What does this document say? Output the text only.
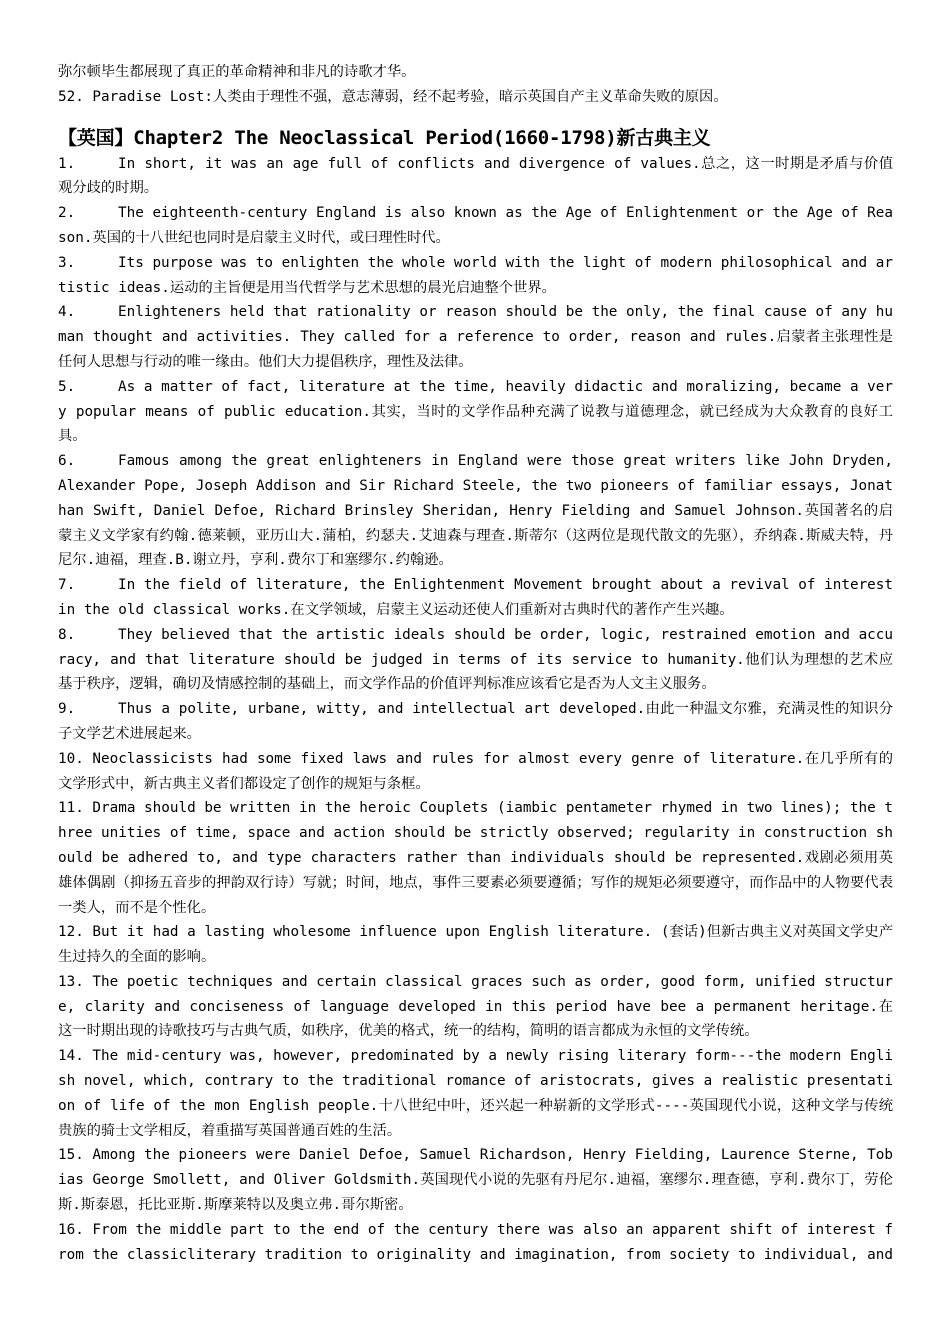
弥尔顿毕生都展现了真正的革命精神和非凡的诗歌才华。

52. Paradise Lost:人类由于理性不强，意志薄弱，经不起考验，暗示英国自产主义革命失败的原因。

【英国】Chapter2 The Neoclassical Period(1660-1798)新古典主义

1.	In short, it was an age full of conflicts and divergence of values.总之，这一时期是矛盾与价值观分歧的时期。

2.	The eighteenth-century England is also known as the Age of Enlightenment or the Age of Reason.英国的十八世纪也同时是启蒙主义时代，或曰理性时代。

3.	Its purpose was to enlighten the whole world with the light of modern philosophical and artistic ideas.运动的主旨便是用当代哲学与艺术思想的晨光启迪整个世界。

4.	Enlighteners held that rationality or reason should be the only, the final cause of any human thought and activities. They called for a reference to order, reason and rules.启蒙者主张理性是任何人思想与行动的唯一缘由。他们大力提倡秩序，理性及法律。

5.	As a matter of fact, literature at the time, heavily didactic and moralizing, became a very popular means of public education.其实，当时的文学作品种充满了说教与道德理念，就已经成为大众教育的良好工具。

6.	Famous among the great enlighteners in England were those great writers like John Dryden, Alexander Pope, Joseph Addison and Sir Richard Steele, the two pioneers of familiar essays, Jonathan Swift, Daniel Defoe, Richard Brinsley Sheridan, Henry Fielding and Samuel Johnson.英国著名的启蒙主义文学家有约翰.德莱顿，亚历山大.蒲柏，约瑟夫.艾迪森与理查.斯蒂尔（这两位是现代散文的先驱），乔纳森.斯威夫特，丹尼尔.迪福，理查.B.谢立丹，亨利.费尔丁和塞缪尔.约翰逊。

7.	In the field of literature, the Enlightenment Movement brought about a revival of interest in the old classical works.在文学领域，启蒙主义运动还使人们重新对古典时代的著作产生兴趣。

8.	They believed that the artistic ideals should be order, logic, restrained emotion and accuracy, and that literature should be judged in terms of its service to humanity.他们认为理想的艺术应基于秩序，逻辑，确切及情感控制的基础上，而文学作品的价值评判标准应该看它是否为人文主义服务。

9.	Thus a polite, urbane, witty, and intellectual art developed.由此一种温文尔雅，充满灵性的知识分子文学艺术进展起来。

10. Neoclassicists had some fixed laws and rules for almost every genre of literature.在几乎所有的文学形式中，新古典主义者们都设定了创作的规矩与条框。

11. Drama should be written in the heroic Couplets (iambic pentameter rhymed in two lines); the three unities of time, space and action should be strictly observed; regularity in construction should be adhered to, and type characters rather than individuals should be represented.戏剧必须用英雄体偶剧（抑扬五音步的押韵双行诗）写就；时间，地点，事件三要素必须要遵循；写作的规矩必须要遵守，而作品中的人物要代表一类人，而不是个性化。

12. But it had a lasting wholesome influence upon English literature. (套话)但新古典主义对英国文学史产生过持久的全面的影响。

13. The poetic techniques and certain classical graces such as order, good form, unified structure, clarity and conciseness of language developed in this period have bee a permanent heritage.在这一时期出现的诗歌技巧与古典气质，如秩序，优美的格式，统一的结构，简明的语言都成为永恒的文学传统。

14. The mid-century was, however, predominated by a newly rising literary form---the modern English novel, which, contrary to the traditional romance of aristocrats, gives a realistic presentation of life of the mon English people.十八世纪中叶，还兴起一种崭新的文学形式----英国现代小说，这种文学与传统贵族的骑士文学相反，着重描写英国普通百姓的生活。

15. Among the pioneers were Daniel Defoe, Samuel Richardson, Henry Fielding, Laurence Sterne, Tobias George Smollett, and Oliver Goldsmith.英国现代小说的先驱有丹尼尔.迪福，塞缪尔.理查德，亨利.费尔丁，劳伦斯.斯泰恩，托比亚斯.斯摩莱特以及奥立弗.哥尔斯密。

16. From the middle part to the end of the century there was also an apparent shift of interest from the classicliterary tradition to originality and imagination, from society to individual, and
